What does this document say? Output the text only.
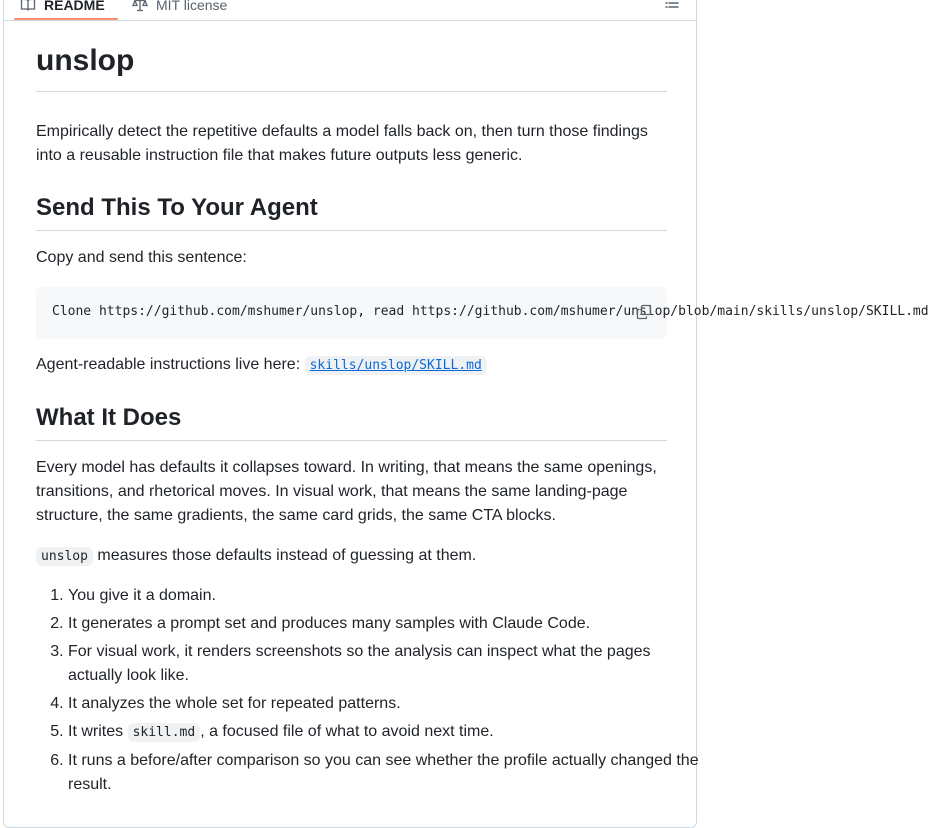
README	MIT license
unslop

Empirically detect the repetitive defaults a model falls back on, then turn those findings into a reusable instruction file that makes future outputs less generic.

Send This To Your Agent

Copy and send this sentence:

Clone https://github.com/mshumer/unslop, read https://github.com/mshumer/unslop/blob/main/skills/unslop/SKILL.md

Agent-readable instructions live here: skills/unslop/SKILL.md

What It Does

Every model has defaults it collapses toward. In writing, that means the same openings, transitions, and rhetorical moves. In visual work, that means the same landing-page structure, the same gradients, the same card grids, the same CTA blocks.

unslop measures those defaults instead of guessing at them.

1. You give it a domain.
2. It generates a prompt set and produces many samples with Claude Code.
3. For visual work, it renders screenshots so the analysis can inspect what the pages actually look like.
4. It analyzes the whole set for repeated patterns.
5. It writes skill.md , a focused file of what to avoid next time.
6. It runs a before/after comparison so you can see whether the profile actually changed the result.
